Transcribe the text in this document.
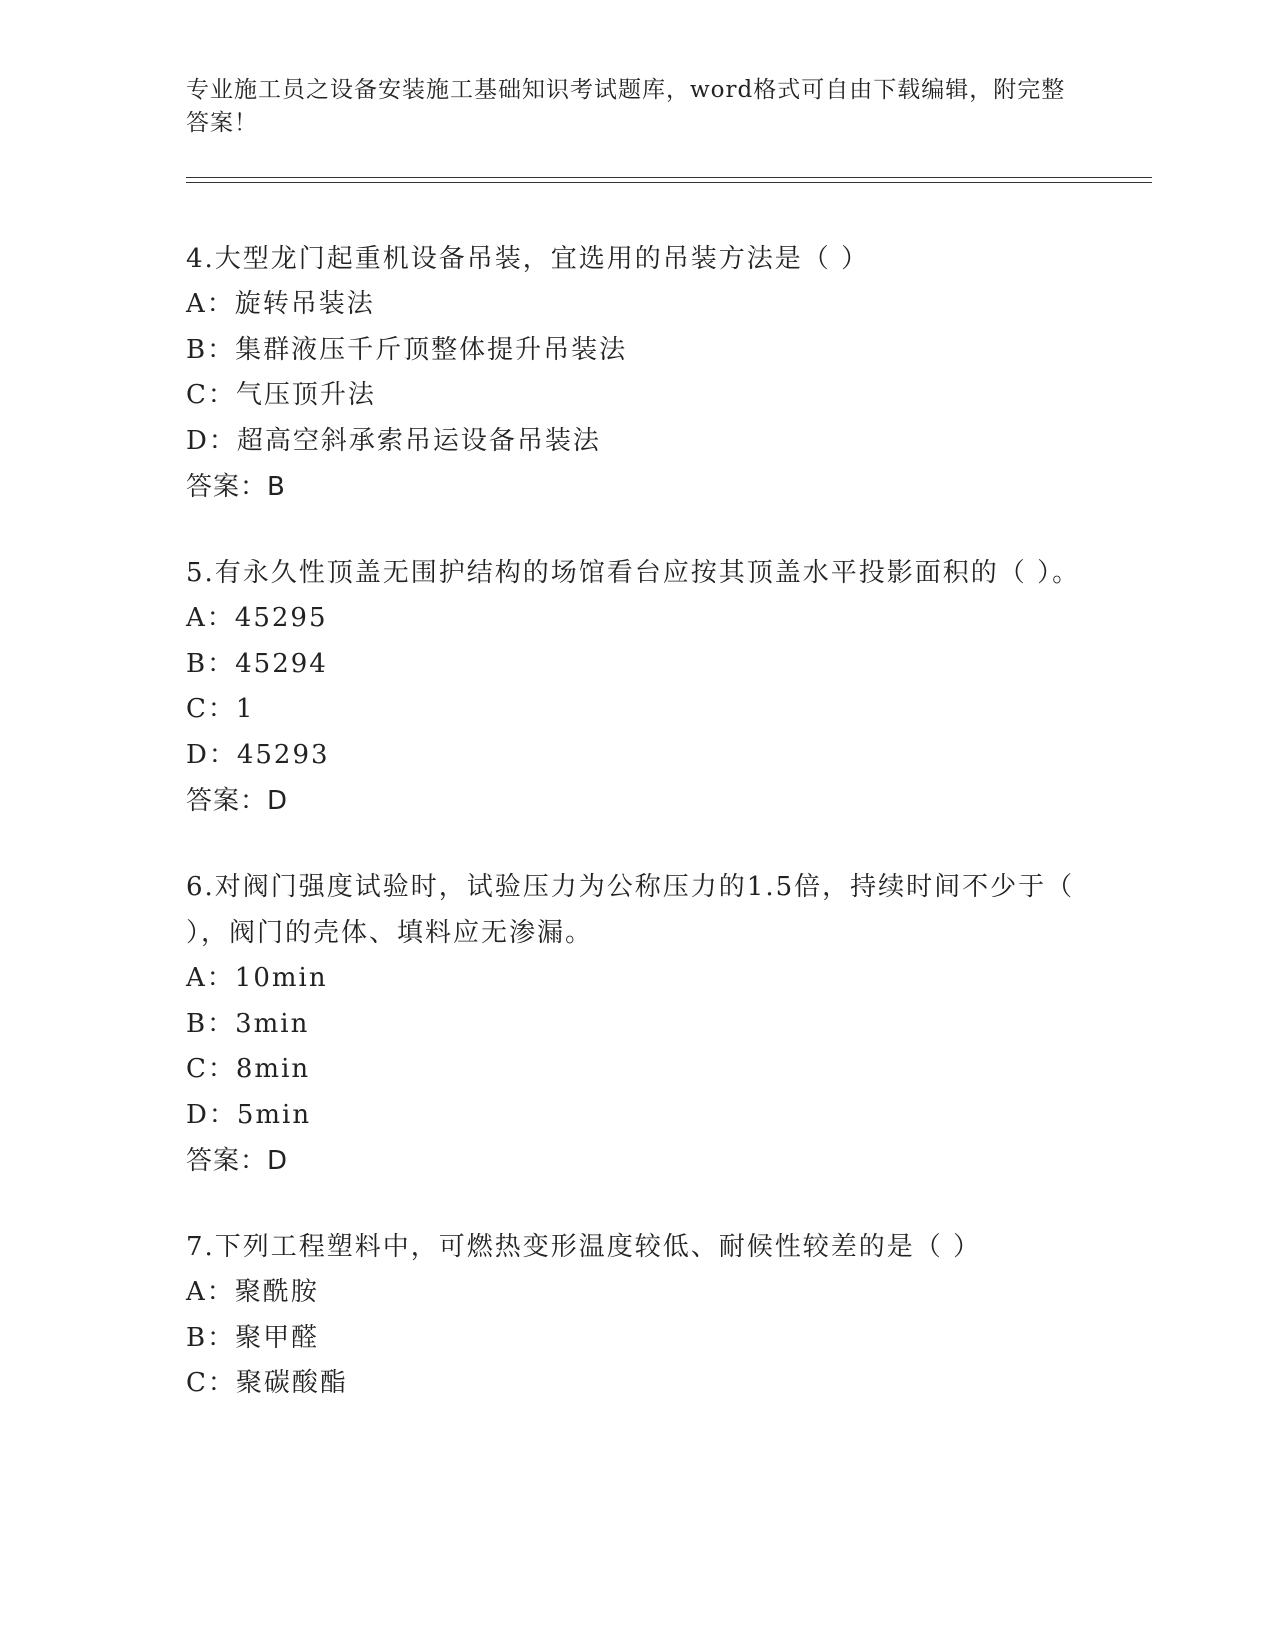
专业施工员之设备安装施工基础知识考试题库，word格式可自由下载编辑，附完整答案！
4.大型龙门起重机设备吊装，宜选用的吊装方法是（ ）
A：旋转吊装法
B：集群液压千斤顶整体提升吊装法
C：气压顶升法
D：超高空斜承索吊运设备吊装法
答案：B
5.有永久性顶盖无围护结构的场馆看台应按其顶盖水平投影面积的（ ）。
A：45295
B：45294
C：1
D：45293
答案：D
6.对阀门强度试验时，试验压力为公称压力的1.5倍，持续时间不少于（ ），阀门的壳体、填料应无渗漏。
A：10min
B：3min
C：8min
D：5min
答案：D
7.下列工程塑料中，可燃热变形温度较低、耐候性较差的是（ ）
A：聚酰胺
B：聚甲醛
C：聚碳酸酯
